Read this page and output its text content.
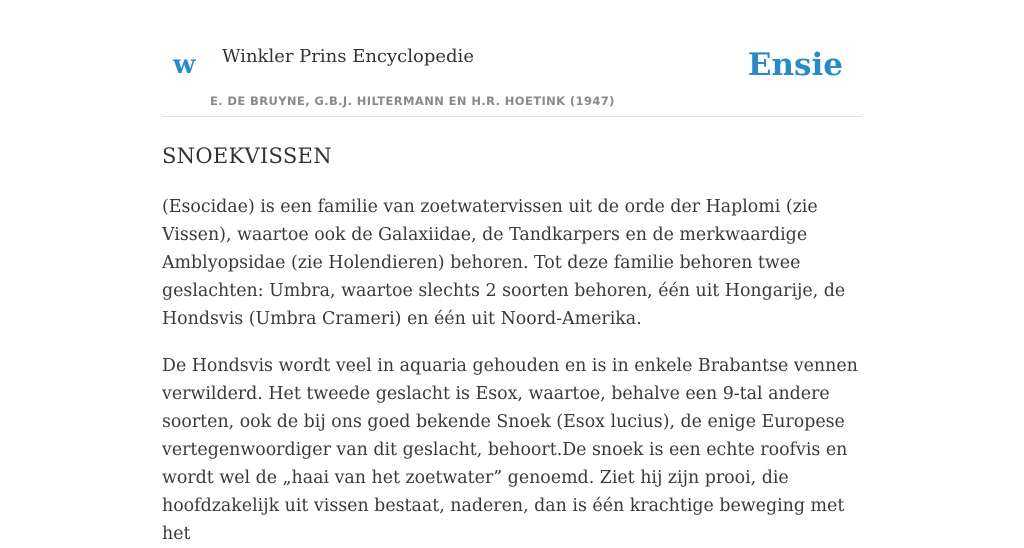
w Winkler Prins Encyclopedie
E. DE BRUYNE, G.B.J. HILTERMANN EN H.R. HOETINK (1947)
Ensie
SNOEKVISSEN

(Esocidae) is een familie van zoetwatervissen uit de orde der Haplomi (zie Vissen), waartoe ook de Galaxiidae, de Tandkarpers en de merkwaardige Amblyopsidae (zie Holendieren) behoren. Tot deze familie behoren twee geslachten: Umbra, waartoe slechts 2 soorten behoren, één uit Hongarije, de Hondsvis (Umbra Crameri) en één uit Noord-Amerika.

De Hondsvis wordt veel in aquaria gehouden en is in enkele Brabantse vennen verwilderd. Het tweede geslacht is Esox, waartoe, behalve een 9-tal andere soorten, ook de bij ons goed bekende Snoek (Esox lucius), de enige Europese vertegenwoordiger van dit geslacht, behoort.De snoek is een echte roofvis en wordt wel de „haai van het zoetwater” genoemd. Ziet hij zijn prooi, die hoofdzakelijk uit vissen bestaat, naderen, dan is één krachtige beweging met het
